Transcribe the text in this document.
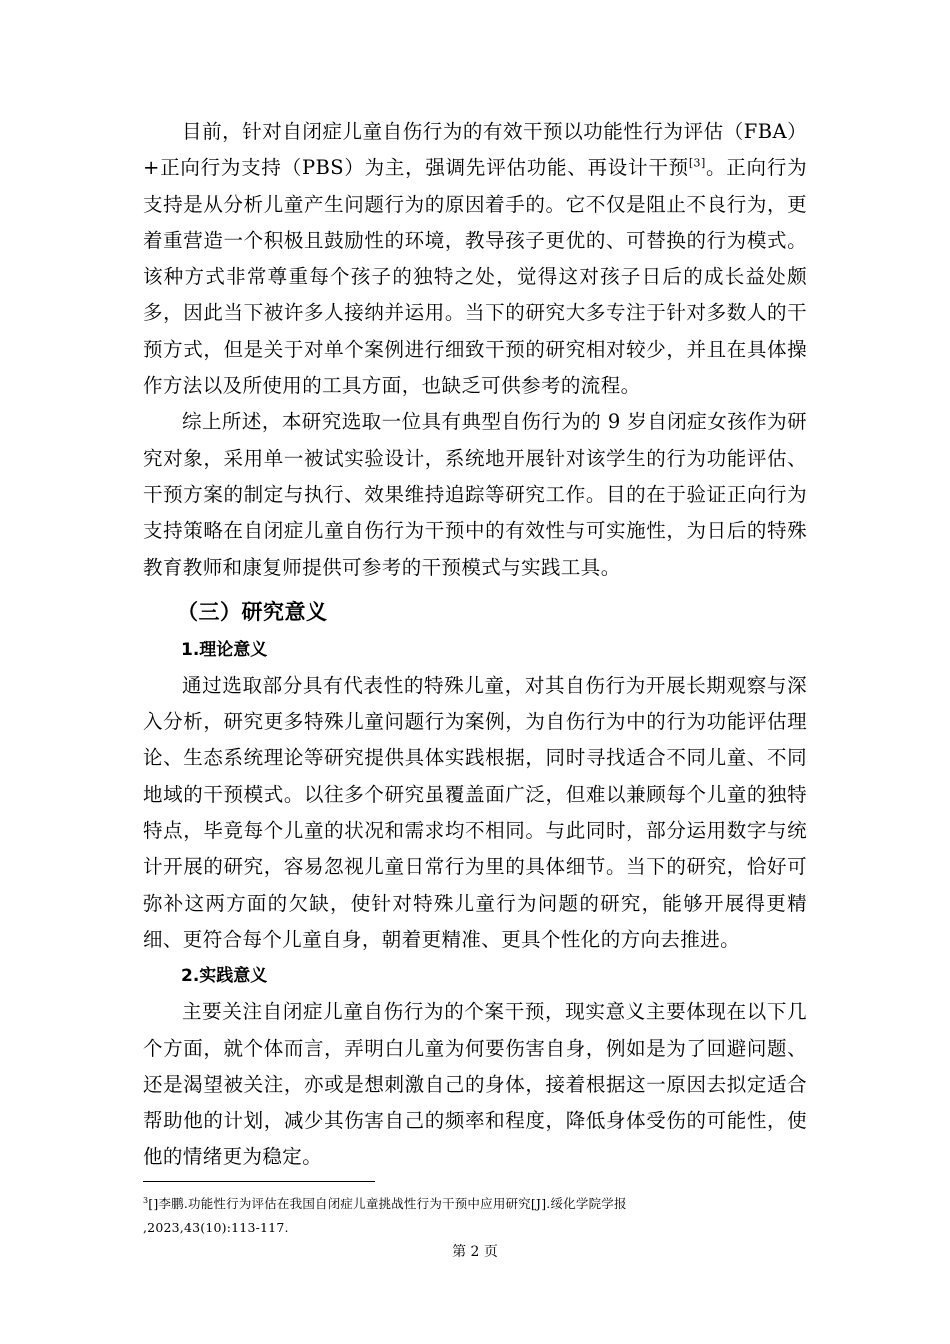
目前，针对自闭症儿童自伤行为的有效干预以功能性行为评估（FBA）+正向行为支持（PBS）为主，强调先评估功能、再设计干预[3]。正向行为支持是从分析儿童产生问题行为的原因着手的。它不仅是阻止不良行为，更着重营造一个积极且鼓励性的环境，教导孩子更优的、可替换的行为模式。该种方式非常尊重每个孩子的独特之处，觉得这对孩子日后的成长益处颇多，因此当下被许多人接纳并运用。当下的研究大多专注于针对多数人的干预方式，但是关于对单个案例进行细致干预的研究相对较少，并且在具体操作方法以及所使用的工具方面，也缺乏可供参考的流程。

综上所述，本研究选取一位具有典型自伤行为的 9 岁自闭症女孩作为研究对象，采用单一被试实验设计，系统地开展针对该学生的行为功能评估、干预方案的制定与执行、效果维持追踪等研究工作。目的在于验证正向行为支持策略在自闭症儿童自伤行为干预中的有效性与可实施性，为日后的特殊教育教师和康复师提供可参考的干预模式与实践工具。

（三）研究意义
1.理论意义

通过选取部分具有代表性的特殊儿童，对其自伤行为开展长期观察与深入分析，研究更多特殊儿童问题行为案例，为自伤行为中的行为功能评估理论、生态系统理论等研究提供具体实践根据，同时寻找适合不同儿童、不同地域的干预模式。以往多个研究虽覆盖面广泛，但难以兼顾每个儿童的独特特点，毕竟每个儿童的状况和需求均不相同。与此同时，部分运用数字与统计开展的研究，容易忽视儿童日常行为里的具体细节。当下的研究，恰好可弥补这两方面的欠缺，使针对特殊儿童行为问题的研究，能够开展得更精细、更符合每个儿童自身，朝着更精准、更具个性化的方向去推进。

2.实践意义

主要关注自闭症儿童自伤行为的个案干预，现实意义主要体现在以下几个方面，就个体而言，弄明白儿童为何要伤害自身，例如是为了回避问题、还是渴望被关注，亦或是想刺激自己的身体，接着根据这一原因去拟定适合帮助他的计划，减少其伤害自己的频率和程度，降低身体受伤的可能性，使他的情绪更为稳定。

$^3$[]李鹏.功能性行为评估在我国自闭症儿童挑战性行为干预中应用研究[J].绥化学院学报
,2023,43(10):113-117.
第 2 页
